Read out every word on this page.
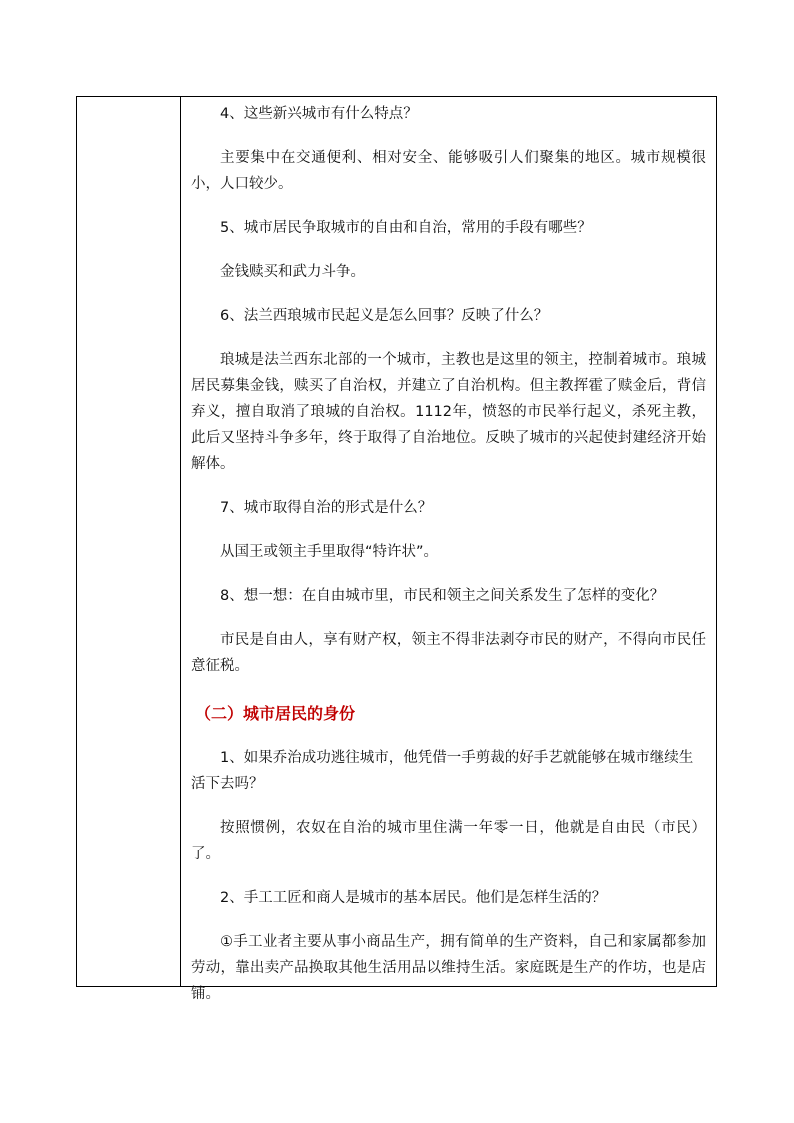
4、这些新兴城市有什么特点？

主要集中在交通便利、相对安全、能够吸引人们聚集的地区。城市规模很小，人口较少。

5、城市居民争取城市的自由和自治，常用的手段有哪些？

金钱赎买和武力斗争。

6、法兰西琅城市民起义是怎么回事？反映了什么？

琅城是法兰西东北部的一个城市，主教也是这里的领主，控制着城市。琅城居民募集金钱，赎买了自治权，并建立了自治机构。但主教挥霍了赎金后，背信弃义，擅自取消了琅城的自治权。1112年，愤怒的市民举行起义，杀死主教，此后又坚持斗争多年，终于取得了自治地位。反映了城市的兴起使封建经济开始解体。

7、城市取得自治的形式是什么？

从国王或领主手里取得“特许状”。

8、想一想：在自由城市里，市民和领主之间关系发生了怎样的变化？

市民是自由人，享有财产权，领主不得非法剥夺市民的财产，不得向市民任意征税。

（二）城市居民的身份

1、如果乔治成功逃往城市，他凭借一手剪裁的好手艺就能够在城市继续生活下去吗？

按照惯例，农奴在自治的城市里住满一年零一日，他就是自由民（市民）了。

2、手工工匠和商人是城市的基本居民。他们是怎样生活的？

①手工业者主要从事小商品生产，拥有简单的生产资料，自己和家属都参加劳动，靠出卖产品换取其他生活用品以维持生活。家庭既是生产的作坊，也是店铺。
